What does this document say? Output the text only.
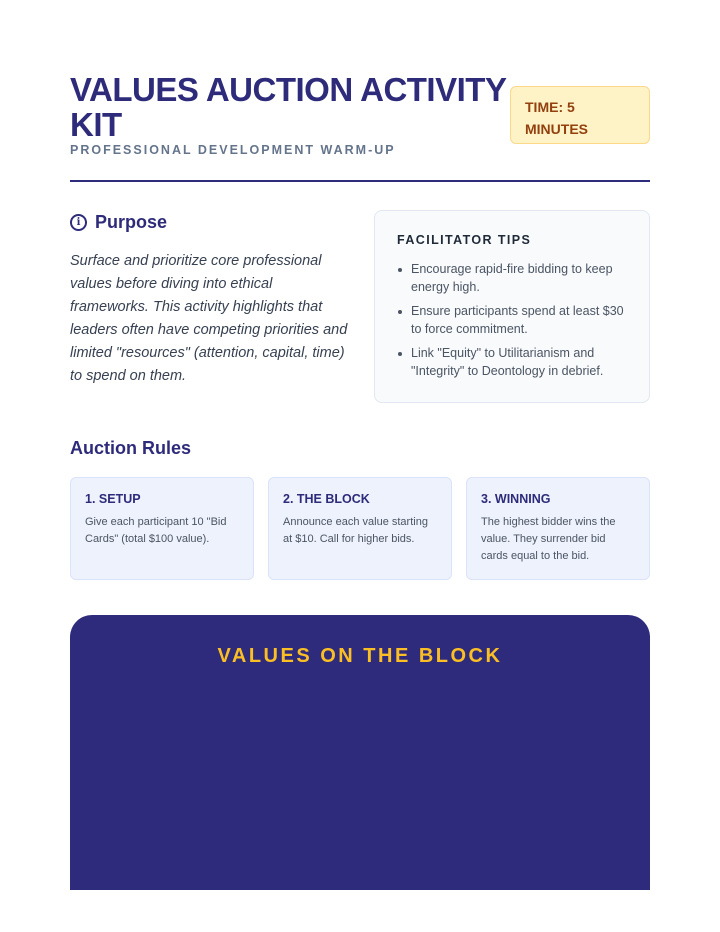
VALUES AUCTION ACTIVITY KIT
PROFESSIONAL DEVELOPMENT WARM-UP
TIME: 5 MINUTES
i Purpose

Surface and prioritize core professional values before diving into ethical frameworks. This activity highlights that leaders often have competing priorities and limited "resources" (attention, capital, time) to spend on them.

FACILITATOR TIPS
Encourage rapid-fire bidding to keep energy high.
Ensure participants spend at least $30 to force commitment.
Link "Equity" to Utilitarianism and "Integrity" to Deontology in debrief.
Auction Rules
1. SETUP
Give each participant 10 "Bid Cards" (total $100 value).
2. THE BLOCK
Announce each value starting at $10. Call for higher bids.
3. WINNING
The highest bidder wins the value. They surrender bid cards equal to the bid.
VALUES ON THE BLOCK
